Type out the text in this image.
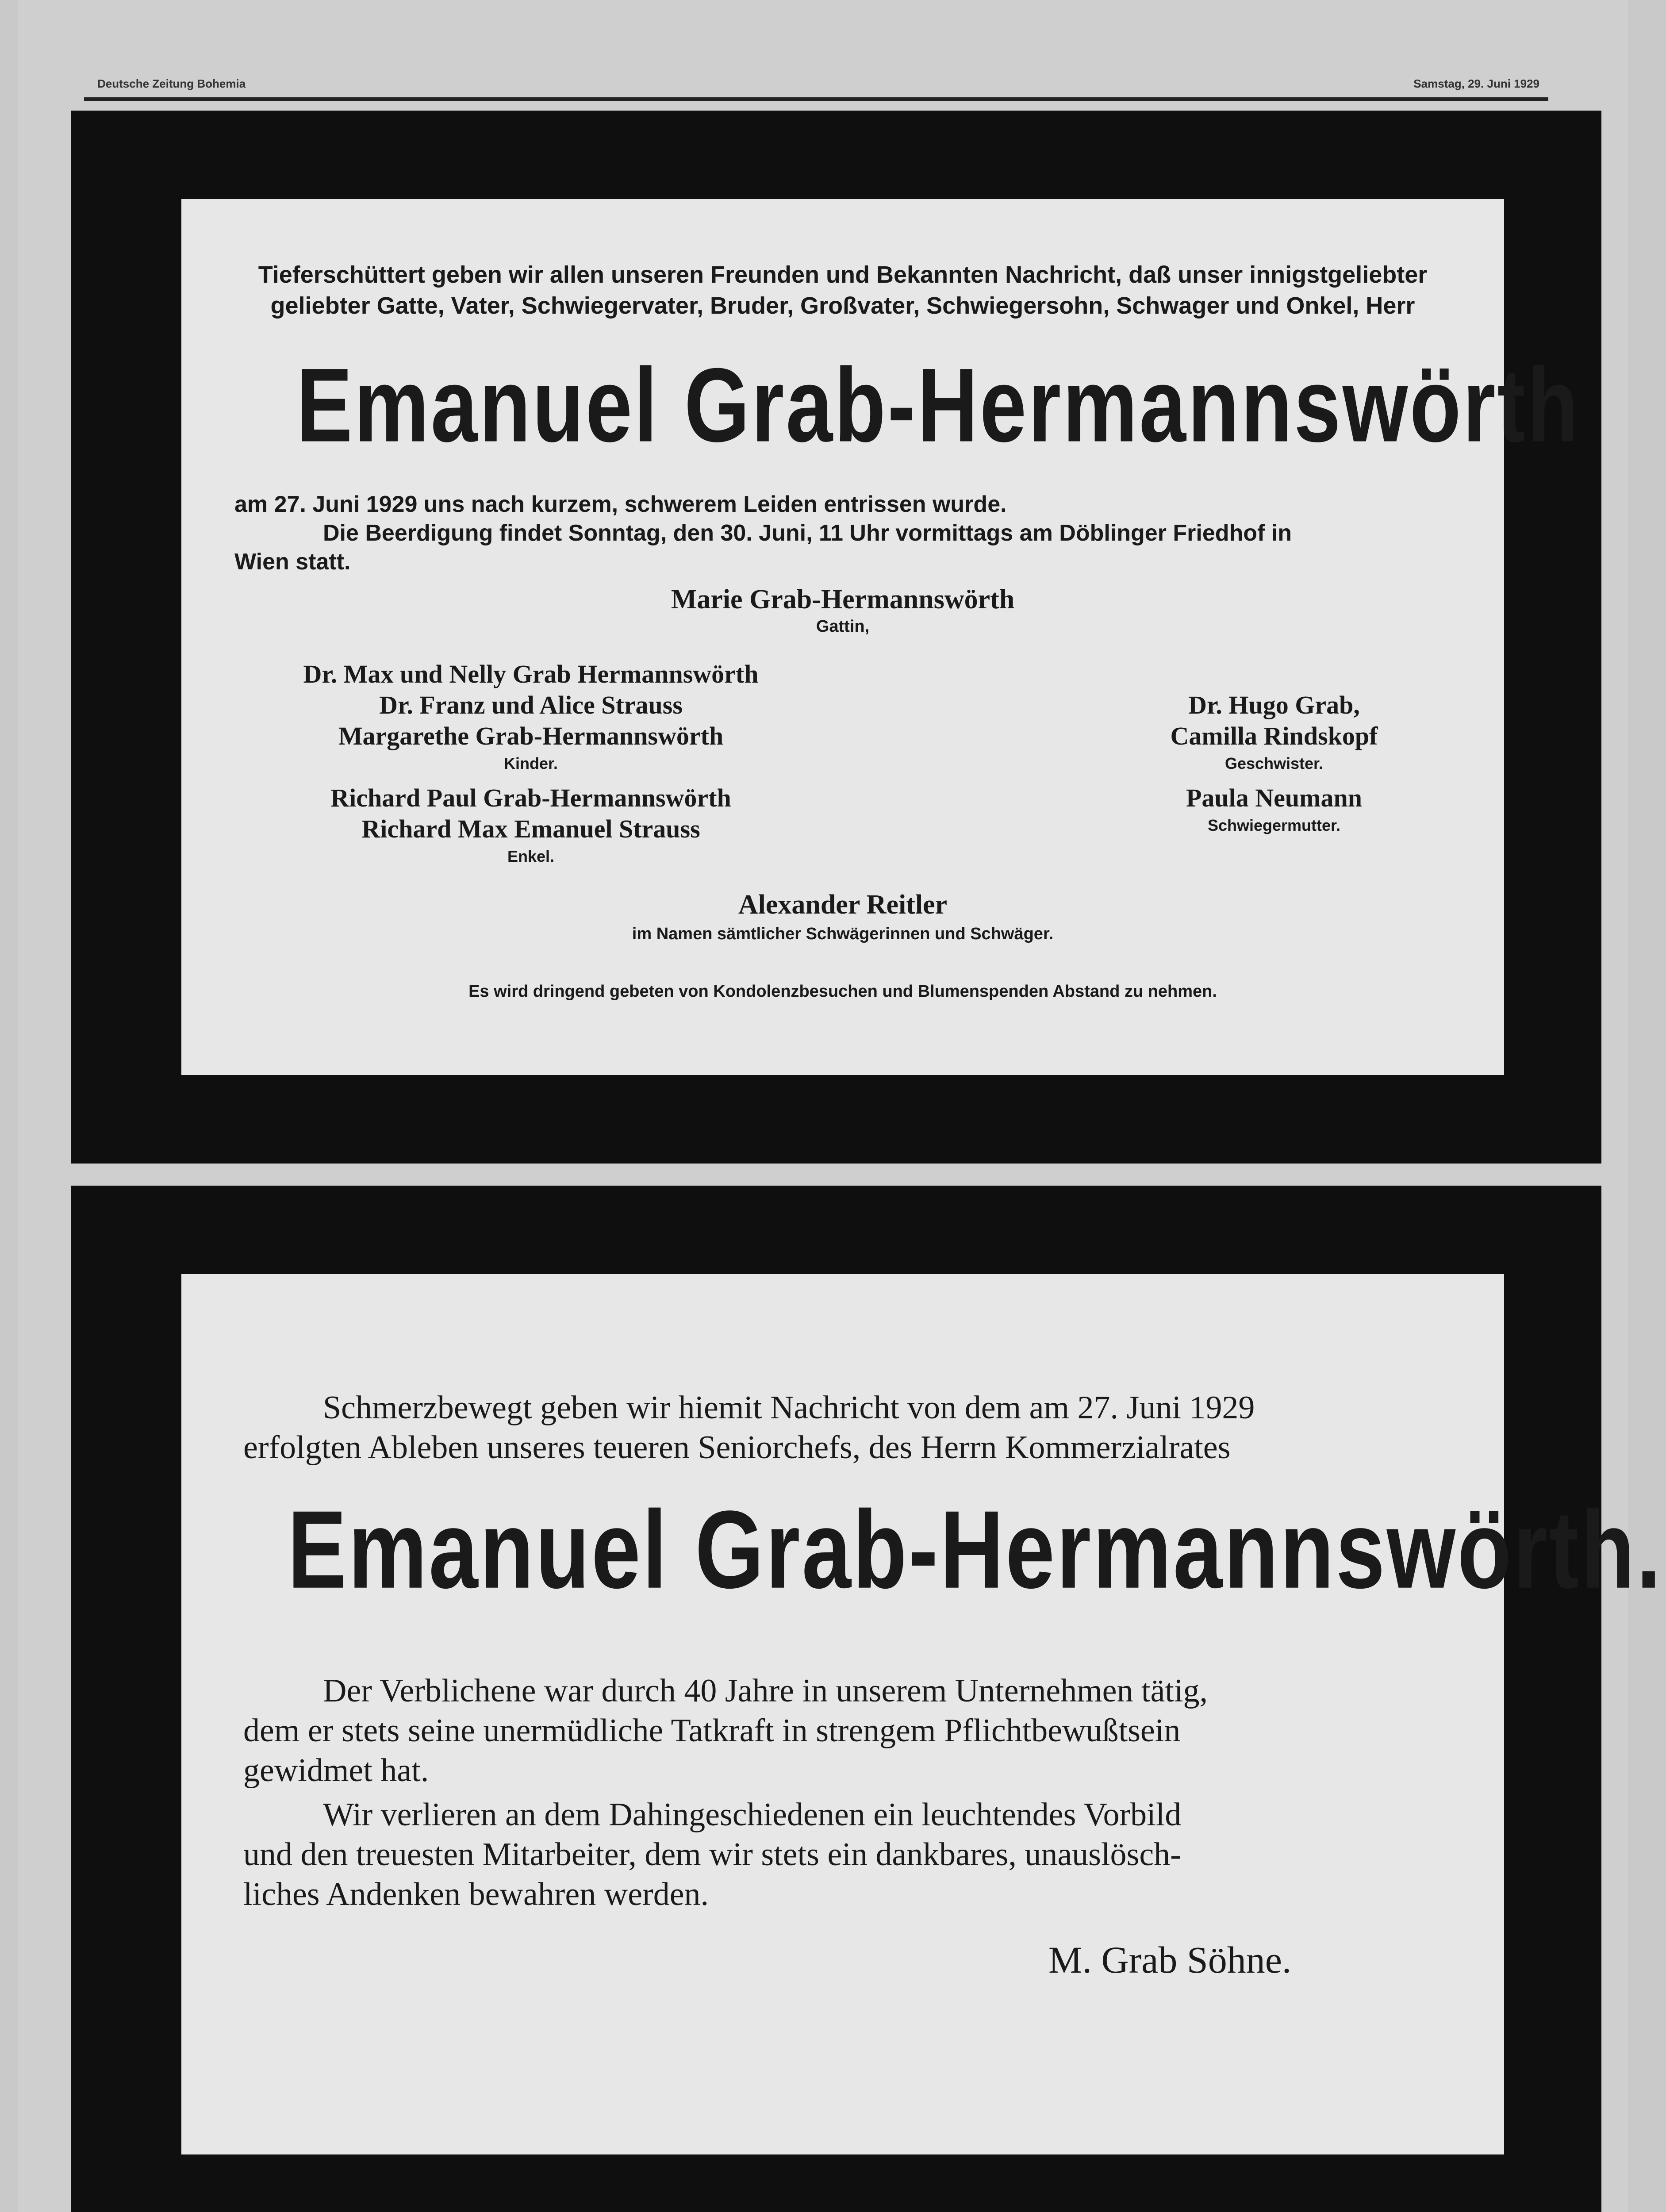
Deutsche Zeitung Bohemia	Samstag, 29. Juni 1929
Tieferschüttert geben wir allen unseren Freunden und Bekannten Nachricht, daß unser innigstgeliebter
geliebter Gatte, Vater, Schwiegervater, Bruder, Großvater, Schwiegersohn, Schwager und Onkel, Herr
Emanuel Grab-Hermannswörth
am 27. Juni 1929 uns nach kurzem, schwerem Leiden entrissen wurde.
Die Beerdigung findet Sonntag, den 30. Juni, 11 Uhr vormittags am Döblinger Friedhof in
Wien statt.
Marie Grab-Hermannswörth
Gattin,
Dr. Max und Nelly Grab Hermannswörth
Dr. Franz und Alice Strauss
Margarethe Grab-Hermannswörth
Kinder.
Richard Paul Grab-Hermannswörth
Richard Max Emanuel Strauss
Enkel.
Dr. Hugo Grab,
Camilla Rindskopf
Geschwister.
Paula Neumann
Schwiegermutter.
Alexander Reitler
im Namen sämtlicher Schwägerinnen und Schwäger.
Es wird dringend gebeten von Kondolenzbesuchen und Blumenspenden Abstand zu nehmen.
Schmerzbewegt geben wir hiemit Nachricht von dem am 27. Juni 1929
erfolgten Ableben unseres teueren Seniorchefs, des Herrn Kommerzialrates
Emanuel Grab-Hermannswörth.
Der Verblichene war durch 40 Jahre in unserem Unternehmen tätig,
dem er stets seine unermüdliche Tatkraft in strengem Pflichtbewußtsein
gewidmet hat.
Wir verlieren an dem Dahingeschiedenen ein leuchtendes Vorbild
und den treuesten Mitarbeiter, dem wir stets ein dankbares, unauslösch-
liches Andenken bewahren werden.
M. Grab Söhne.
